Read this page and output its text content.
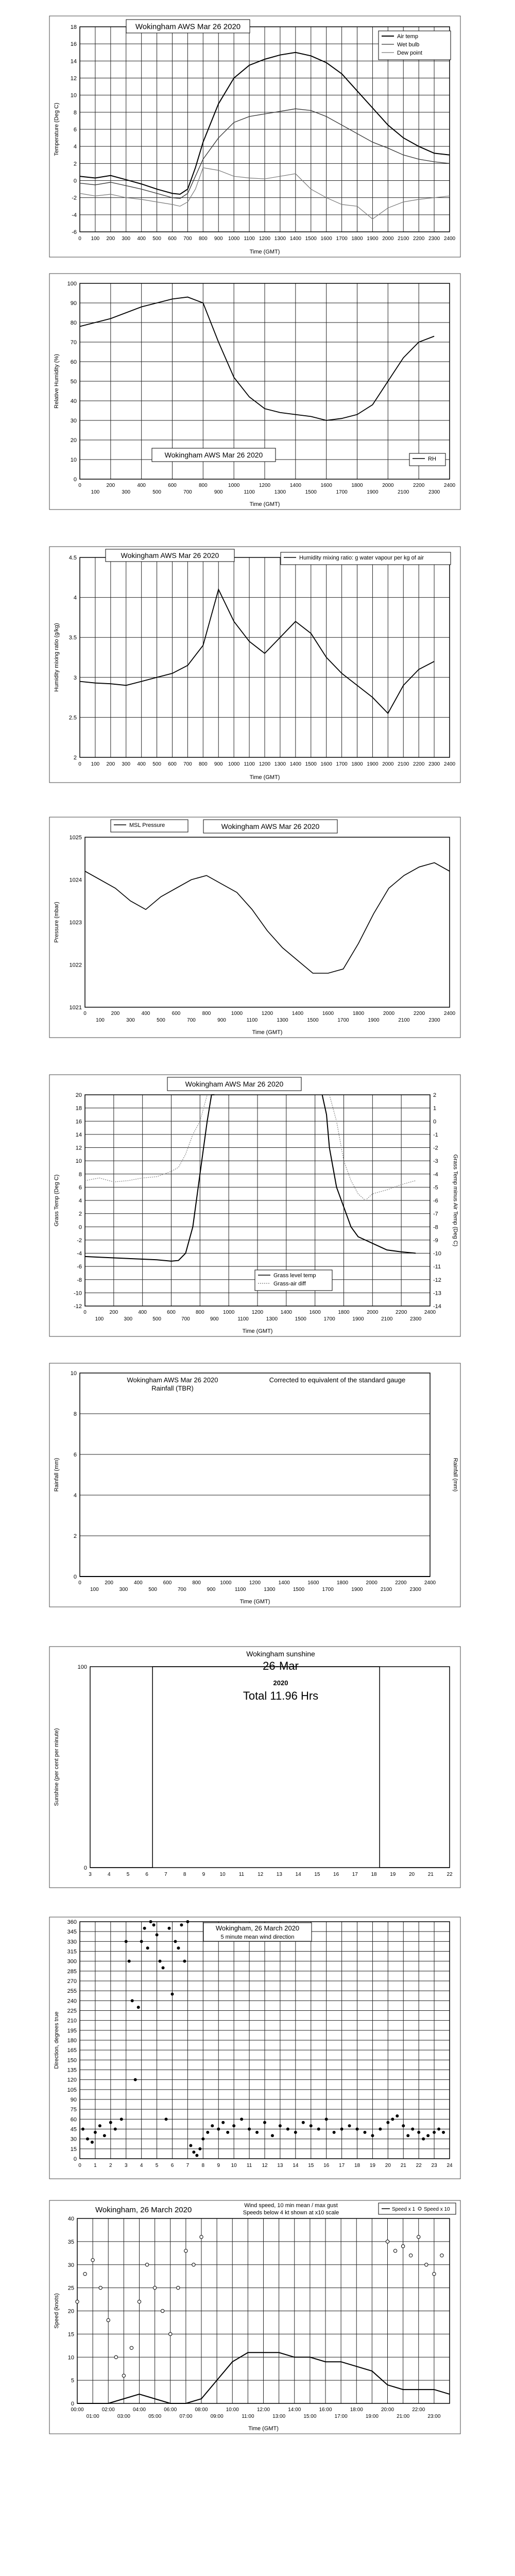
-6
-4
-2
0
2
4
6
8
10
12
14
16
18
0 100 200 300 400 500 600 700 800 900 1000 1100 1200 1300 1400 1500 1600 1700 1800 1900 2000 2100 2200 2300 2400
Time (GMT)
Temperature (Deg C)
Wokingham AWS Mar 26 2020
Air temp
Wet bulb
Dew point
0
10
20
30
40
50
60
70
80
90
100
0	200	400	600	800	1000	1200	1400	1600	1800	2000	2200	2400
100	300	500	700	900	1100	1300	1500	1700	1900	2100	2300
Time (GMT)
Relative Humidity (%)
Wokingham AWS Mar 26 2020
RH
2
2.5
3
3.5
4
4.5
0 100 200 300 400 500 600 700 800 900 1000 1100 1200 1300 1400 1500 1600 1700 1800 1900 2000 2100 2200 2300 2400
Time (GMT)
Humidity mixing ratio (g/kg)
Wokingham AWS Mar 26 2020	Humidity mixing ratio: g water vapour per kg of air
1021
1022
1023
1024
1025
0	200	400	600	800	1000	1200	1400	1600	1800	2000	2200	2400
100	300	500	700	900	1100	1300	1500	1700	1900	2100	2300
Time (GMT)
Pressure (mbar)
MSL Pressure	Wokingham AWS Mar 26 2020
-12
-10
-8
-6
-4
-2
0
2
4
6
8
10
12
14
16
18
20
-14
-13
-12
-11
-10
-9
-8
-7
-6
-5
-4
-3
-2
-1
0
1
2
0	200	400	600	800	1000	1200	1400	1600	1800	2000	2200	2400
100	300	500	700	900	1100	1300	1500	1700	1900	2100	2300
Time (GMT)
Grass Temp (Deg C)	Grass Temp minus Air Temp (Deg C)
Wokingham AWS Mar 26 2020
Grass level temp
Grass-air diff
0
2
4
6
8
10
0	200	400	600	800	1000	1200	1400	1600	1800	2000	2200	2400
100	300	500	700	900	1100	1300	1500	1700	1900	2100	2300
Time (GMT)
Rainfall (mm)	Rainfall (mm)
Wokingham AWS Mar 26 2020
Rainfall (TBR)
Corrected to equivalent of the standard gauge
0
100
3	4	5	6	7	8	9	10	11	12	13	14	15	16	17	18	19	20	21	22
Sunshine (per cent per minute)
Wokingham sunshine
26-Mar
2020
Total 11.96 Hrs
0
15
30
45
60
75
90
105
120
135
150
165
180
195
210
225
240
255
270
285
300
315
330
345
360
0 1 2 3 4 5 6 7 8 9 10 11 12 13 14 15 16 17 18 19 20 21 22 23 24
Direction, degrees true
Wokingham, 26 March 2020
5 minute mean wind direction
0
5
10
15
20
25
30
35
40
00:00	02:00	04:00	06:00	08:00	10:00	12:00	14:00	16:00	18:00	20:00	22:00
01:00	03:00	05:00	07:00	09:00	11:00	13:00	15:00	17:00	19:00	21:00	23:00
Time (GMT)
Speed (knots)
Wokingham, 26 March 2020	Wind speed, 10 min mean / max gust
Speeds below 4 kt shown at x10 scale
Speed x 1 Speed x 10
